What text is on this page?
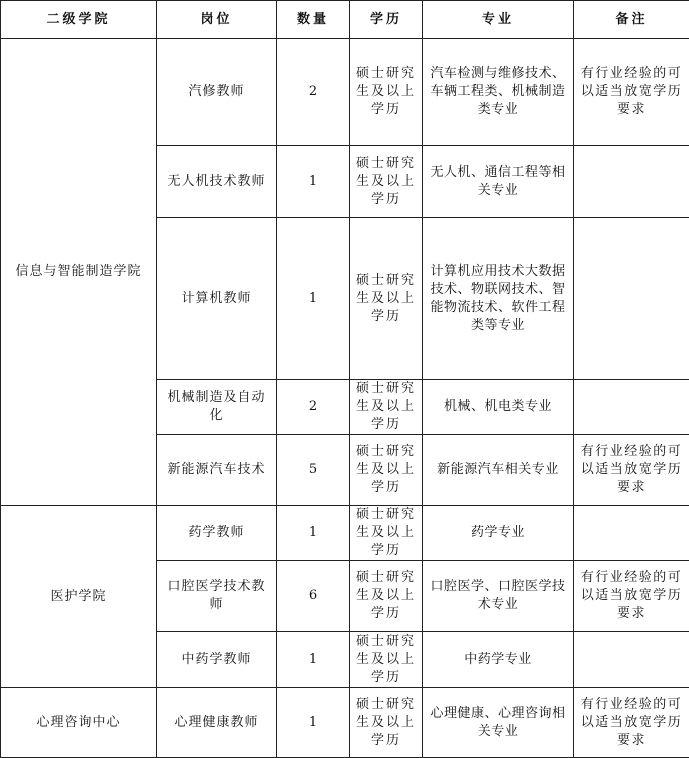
二级学院	岗位	数量	学历	专业	备注
信息与智能制造学院	汽修教师	2	硕士研究生及以上学历	汽车检测与维修技术、车辆工程类、机械制造类专业	有行业经验的可以适当放宽学历要求
	无人机技术教师	1	硕士研究生及以上学历	无人机、通信工程等相关专业	
	计算机教师	1	硕士研究生及以上学历	计算机应用技术大数据技术、物联网技术、智能物流技术、软件工程类等专业	
	机械制造及自动化	2	硕士研究生及以上学历	机械、机电类专业	
	新能源汽车技术	5	硕士研究生及以上学历	新能源汽车相关专业	有行业经验的可以适当放宽学历要求
医护学院	药学教师	1	硕士研究生及以上学历	药学专业	
	口腔医学技术教师	6	硕士研究生及以上学历	口腔医学、口腔医学技术专业	有行业经验的可以适当放宽学历要求
	中药学教师	1	硕士研究生及以上学历	中药学专业	
心理咨询中心	心理健康教师	1	硕士研究生及以上学历	心理健康、心理咨询相关专业	有行业经验的可以适当放宽学历要求
